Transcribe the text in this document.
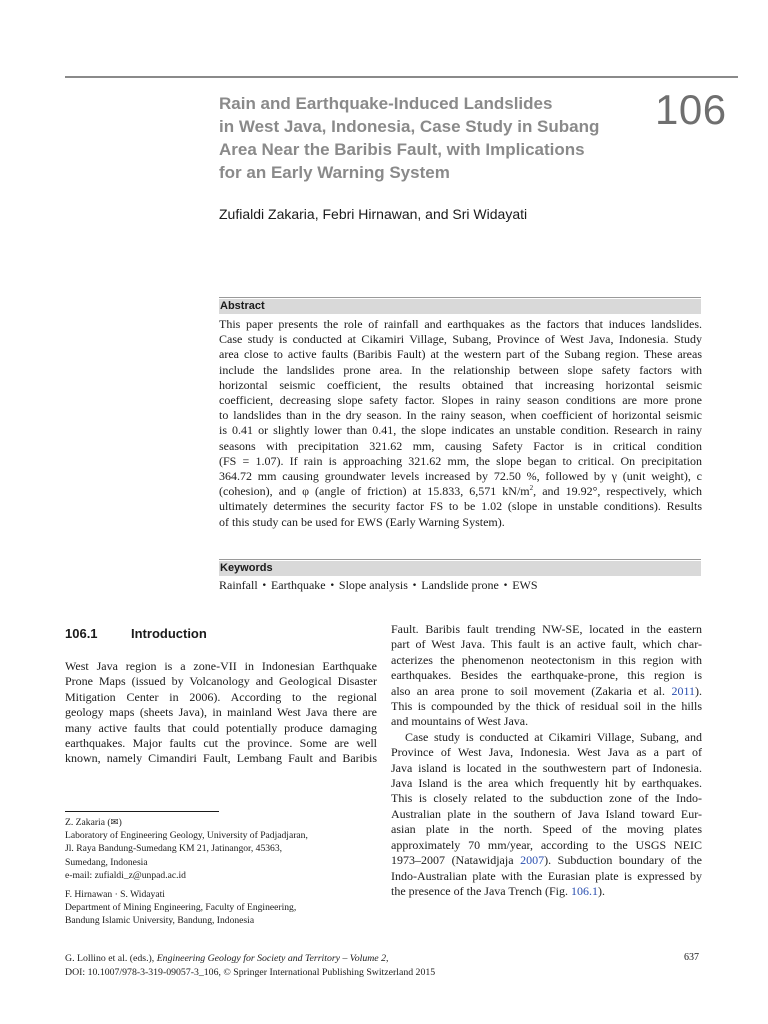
Rain and Earthquake-Induced Landslides
in West Java, Indonesia, Case Study in Subang
Area Near the Baribis Fault, with Implications
for an Early Warning System
106
Zufialdi Zakaria, Febri Hirnawan, and Sri Widayati
Abstract
This paper presents the role of rainfall and earthquakes as the factors that induces landslides.
Case study is conducted at Cikamiri Village, Subang, Province of West Java, Indonesia. Study
area close to active faults (Baribis Fault) at the western part of the Subang region. These areas
include the landslides prone area. In the relationship between slope safety factors with
horizontal seismic coefficient, the results obtained that increasing horizontal seismic
coefficient, decreasing slope safety factor. Slopes in rainy season conditions are more prone
to landslides than in the dry season. In the rainy season, when coefficient of horizontal seismic
is 0.41 or slightly lower than 0.41, the slope indicates an unstable condition. Research in rainy
seasons with precipitation 321.62 mm, causing Safety Factor is in critical condition
(FS = 1.07). If rain is approaching 321.62 mm, the slope began to critical. On precipitation
364.72 mm causing groundwater levels increased by 72.50 %, followed by γ (unit weight), c
(cohesion), and φ (angle of friction) at 15.833, 6,571 $kN/m^2$, and 19.92°, respectively, which
ultimately determines the security factor FS to be 1.02 (slope in unstable conditions). Results
of this study can be used for EWS (Early Warning System).
Keywords
Rainfall • Earthquake • Slope analysis • Landslide prone • EWS
106.1	Introduction
West Java region is a zone-VII in Indonesian Earthquake
Prone Maps (issued by Volcanology and Geological Disaster
Mitigation Center in 2006). According to the regional
geology maps (sheets Java), in mainland West Java there are
many active faults that could potentially produce damaging
earthquakes. Major faults cut the province. Some are well
known, namely Cimandiri Fault, Lembang Fault and Baribis
Fault. Baribis fault trending NW-SE, located in the eastern
part of West Java. This fault is an active fault, which char-
acterizes the phenomenon neotectonism in this region with
earthquakes. Besides the earthquake-prone, this region is
also an area prone to soil movement (Zakaria et al. 2011).
This is compounded by the thick of residual soil in the hills
and mountains of West Java.
Case study is conducted at Cikamiri Village, Subang, and
Province of West Java, Indonesia. West Java as a part of
Java island is located in the southwestern part of Indonesia.
Java Island is the area which frequently hit by earthquakes.
This is closely related to the subduction zone of the Indo-
Australian plate in the southern of Java Island toward Eur-
asian plate in the north. Speed of the moving plates
approximately 70 mm/year, according to the USGS NEIC
1973–2007 (Natawidjaja 2007). Subduction boundary of the
Indo-Australian plate with the Eurasian plate is expressed by
the presence of the Java Trench (Fig. 106.1).
Z. Zakaria (✉)
Laboratory of Engineering Geology, University of Padjadjaran,
Jl. Raya Bandung-Sumedang KM 21, Jatinangor, 45363,
Sumedang, Indonesia
e-mail: zufialdi_z@unpad.ac.id
F. Hirnawan · S. Widayati
Department of Mining Engineering, Faculty of Engineering,
Bandung Islamic University, Bandung, Indonesia
G. Lollino et al. (eds.), Engineering Geology for Society and Territory – Volume 2,
DOI: 10.1007/978-3-319-09057-3_106, © Springer International Publishing Switzerland 2015
637
